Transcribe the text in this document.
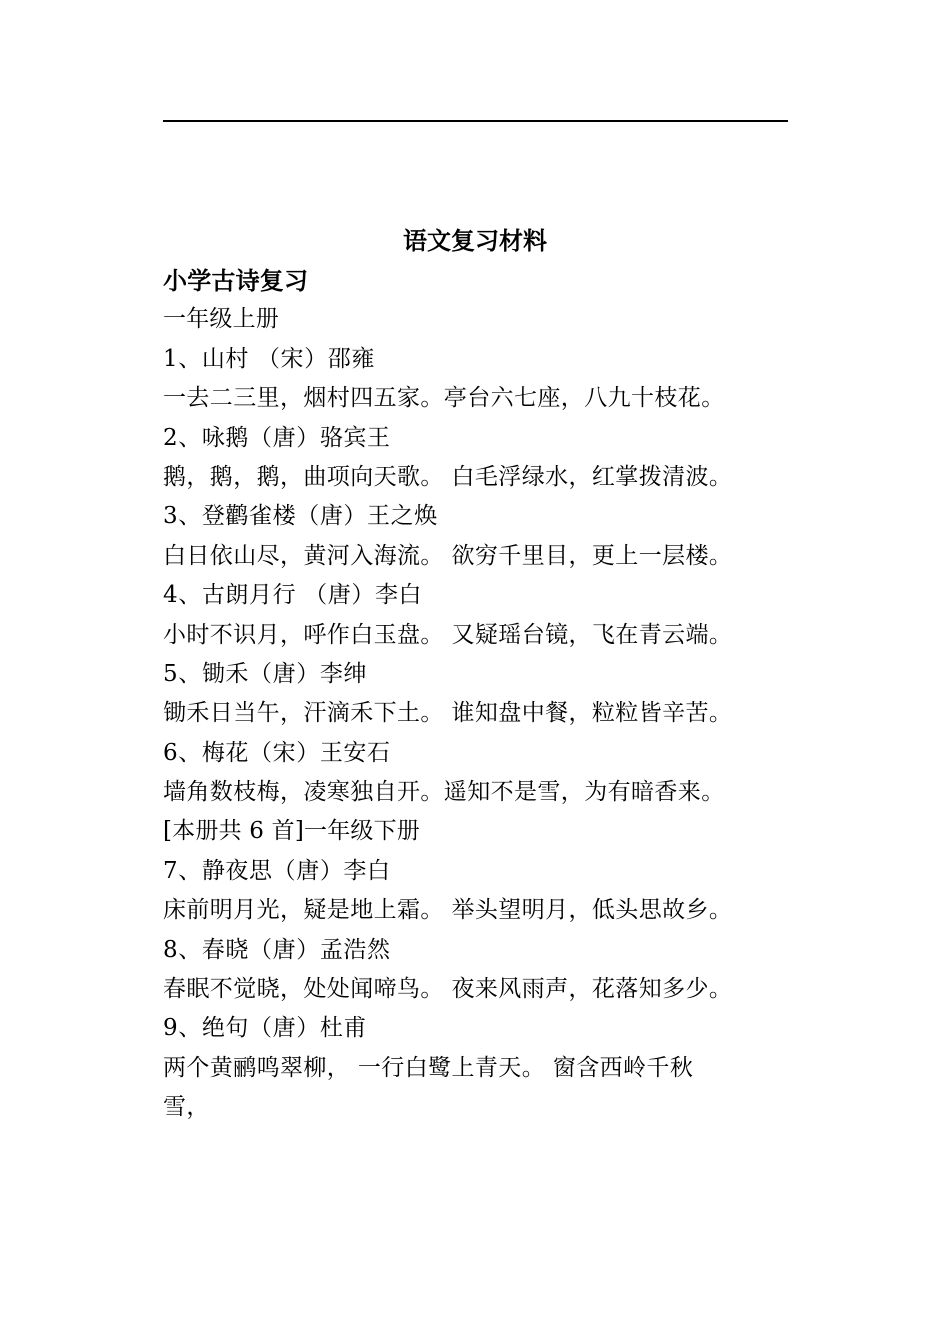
语文复习材料
小学古诗复习
一年级上册
1、山村 （宋）邵雍
一去二三里，烟村四五家。亭台六七座，八九十枝花。
2、咏鹅（唐）骆宾王
鹅，鹅，鹅，曲项向天歌。 白毛浮绿水，红掌拨清波。
3、登鹳雀楼（唐）王之焕
白日依山尽，黄河入海流。 欲穷千里目，更上一层楼。
4、古朗月行 （唐）李白
小时不识月，呼作白玉盘。 又疑瑶台镜，飞在青云端。
5、锄禾（唐）李绅
锄禾日当午，汗滴禾下土。 谁知盘中餐，粒粒皆辛苦。
6、梅花（宋）王安石
墙角数枝梅，凌寒独自开。遥知不是雪，为有暗香来。
[本册共 6 首]一年级下册
7、静夜思（唐）李白
床前明月光，疑是地上霜。 举头望明月，低头思故乡。
8、春晓（唐）孟浩然
春眠不觉晓，处处闻啼鸟。 夜来风雨声，花落知多少。
9、绝句（唐）杜甫
两个黄鹂鸣翠柳， 一行白鹭上青天。 窗含西岭千秋
雪，
